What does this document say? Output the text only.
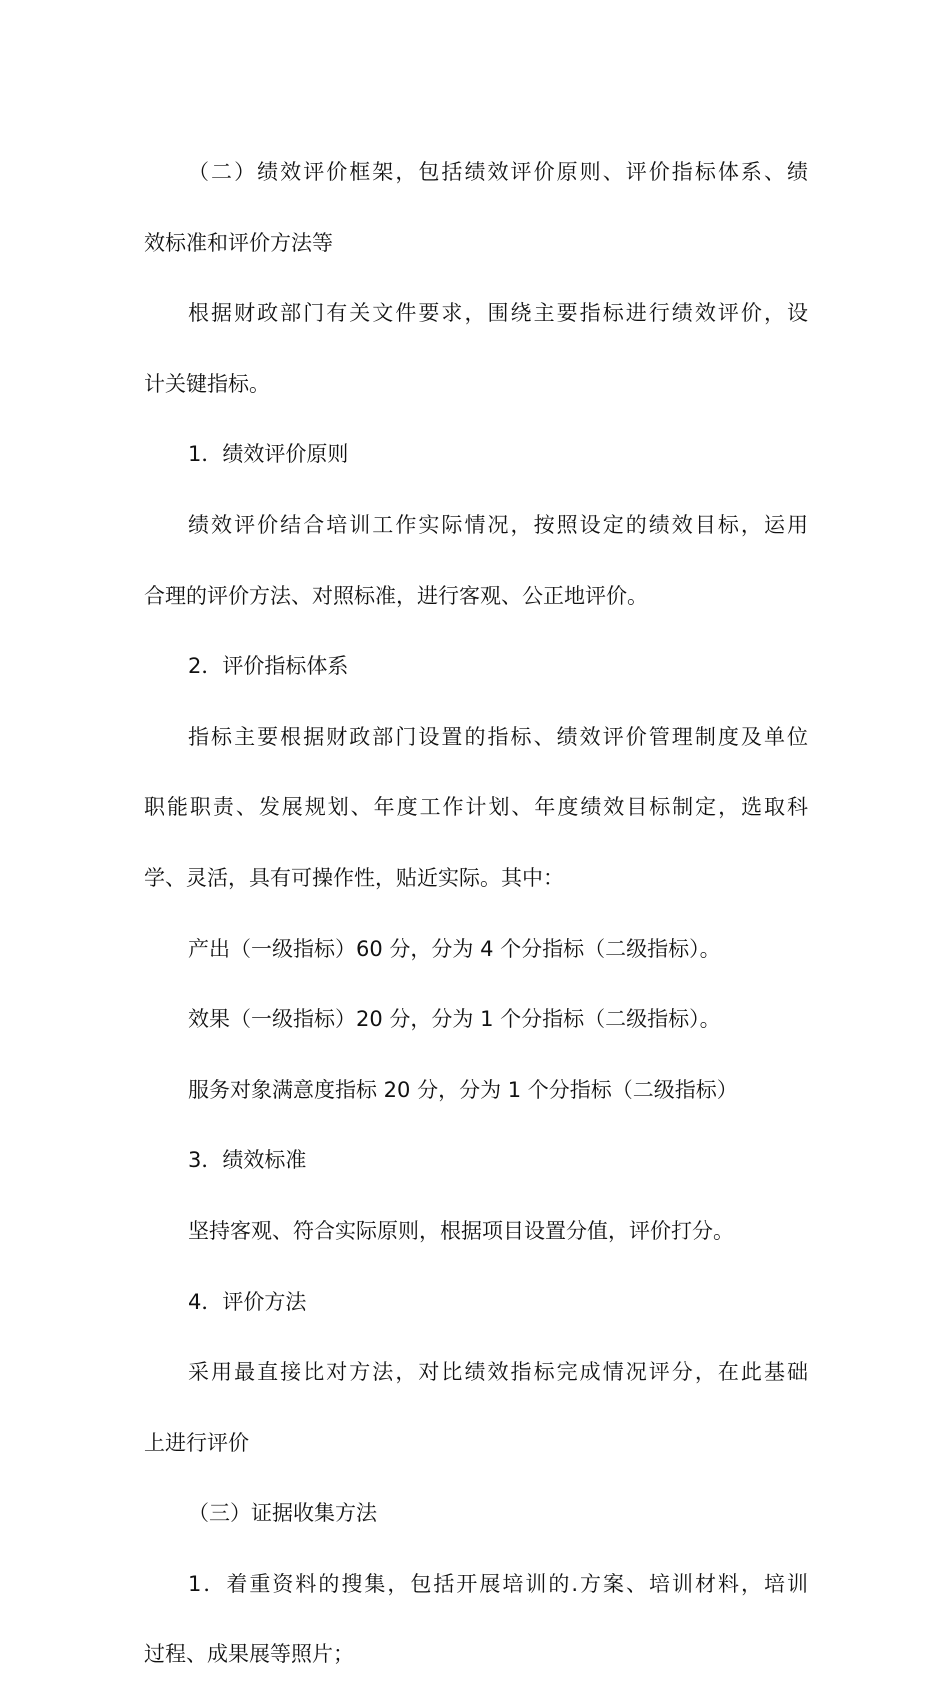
（二）绩效评价框架，包括绩效评价原则、评价指标体系、绩

效标准和评价方法等

根据财政部门有关文件要求，围绕主要指标进行绩效评价，设

计关键指标。

1．绩效评价原则

绩效评价结合培训工作实际情况，按照设定的绩效目标，运用

合理的评价方法、对照标准，进行客观、公正地评价。

2．评价指标体系

指标主要根据财政部门设置的指标、绩效评价管理制度及单位

职能职责、发展规划、年度工作计划、年度绩效目标制定，选取科

学、灵活，具有可操作性，贴近实际。其中：

产出（一级指标）60 分，分为 4 个分指标（二级指标）。

效果（一级指标）20 分，分为 1 个分指标（二级指标）。

服务对象满意度指标 20 分，分为 1 个分指标（二级指标）

3．绩效标准

坚持客观、符合实际原则，根据项目设置分值，评价打分。

4．评价方法

采用最直接比对方法，对比绩效指标完成情况评分，在此基础

上进行评价

（三）证据收集方法

1．着重资料的搜集，包括开展培训的.方案、培训材料，培训

过程、成果展等照片；
